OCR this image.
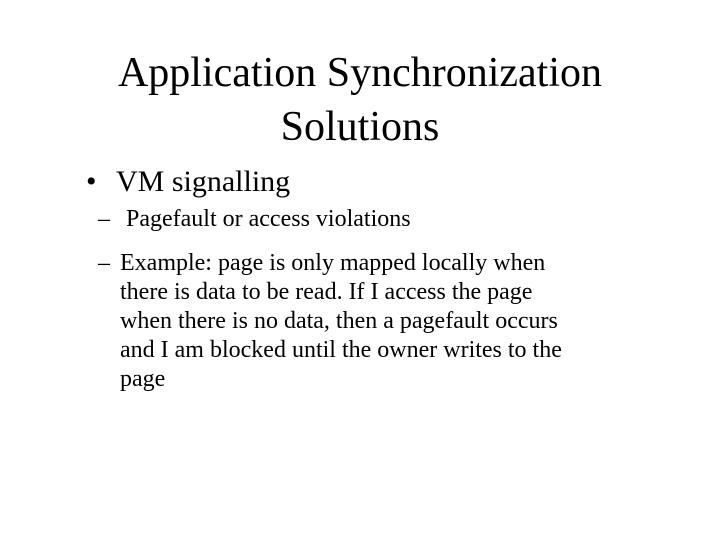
Application Synchronization
Solutions
• VM signalling
– Pagefault or access violations
– Example: page is only mapped locally when
there is data to be read. If I access the page
when there is no data, then a pagefault occurs
and I am blocked until the owner writes to the
page
